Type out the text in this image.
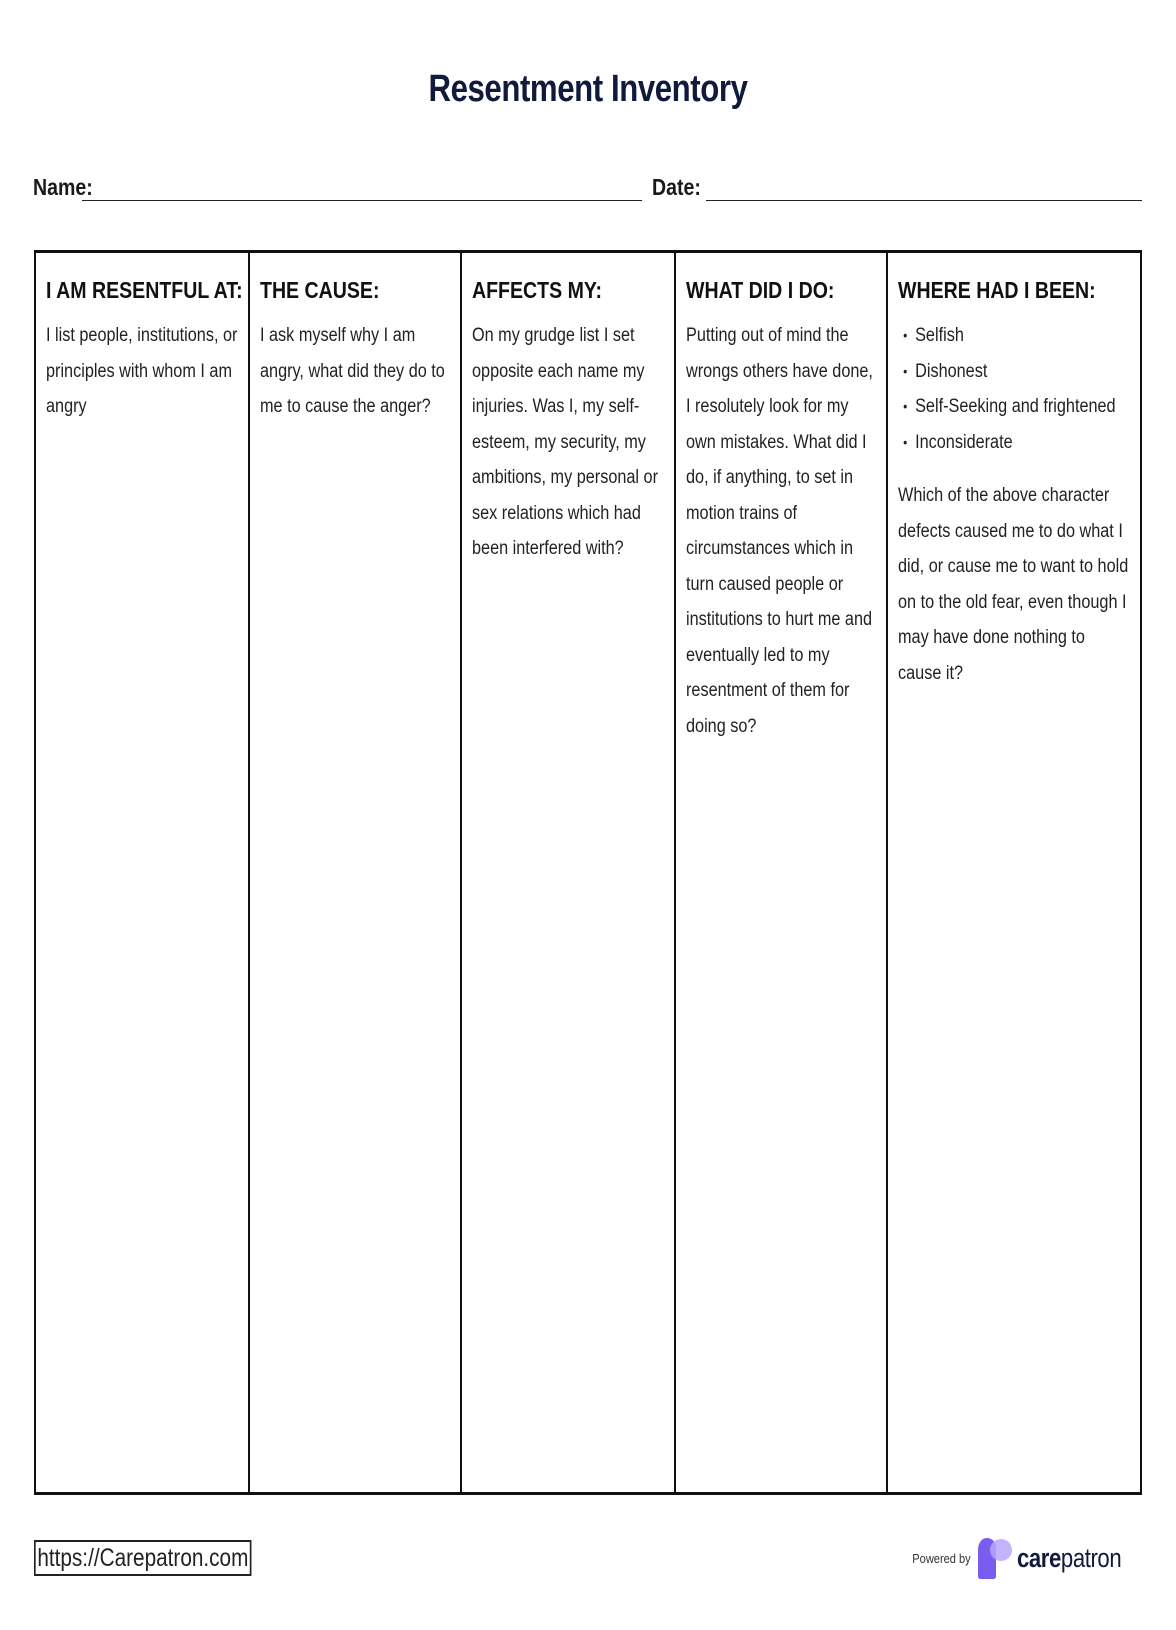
Resentment Inventory
Name:	Date:
I AM RESENTFUL AT:
I list people, institutions, or principles with whom I am angry
THE CAUSE:
I ask myself why I am angry, what did they do to me to cause the anger?
AFFECTS MY:
On my grudge list I set opposite each name my injuries. Was I, my self-esteem, my security, my ambitions, my personal or sex relations which had been interfered with?
WHAT DID I DO:
Putting out of mind the wrongs others have done, I resolutely look for my own mistakes. What did I do, if anything, to set in motion trains of circumstances which in turn caused people or institutions to hurt me and eventually led to my resentment of them for doing so?
WHERE HAD I BEEN:
• Selfish
• Dishonest
• Self-Seeking and frightened
• Inconsiderate
Which of the above character defects caused me to do what I did, or cause me to want to hold on to the old fear, even though I may have done nothing to cause it?
https://Carepatron.com	Powered by carepatron
